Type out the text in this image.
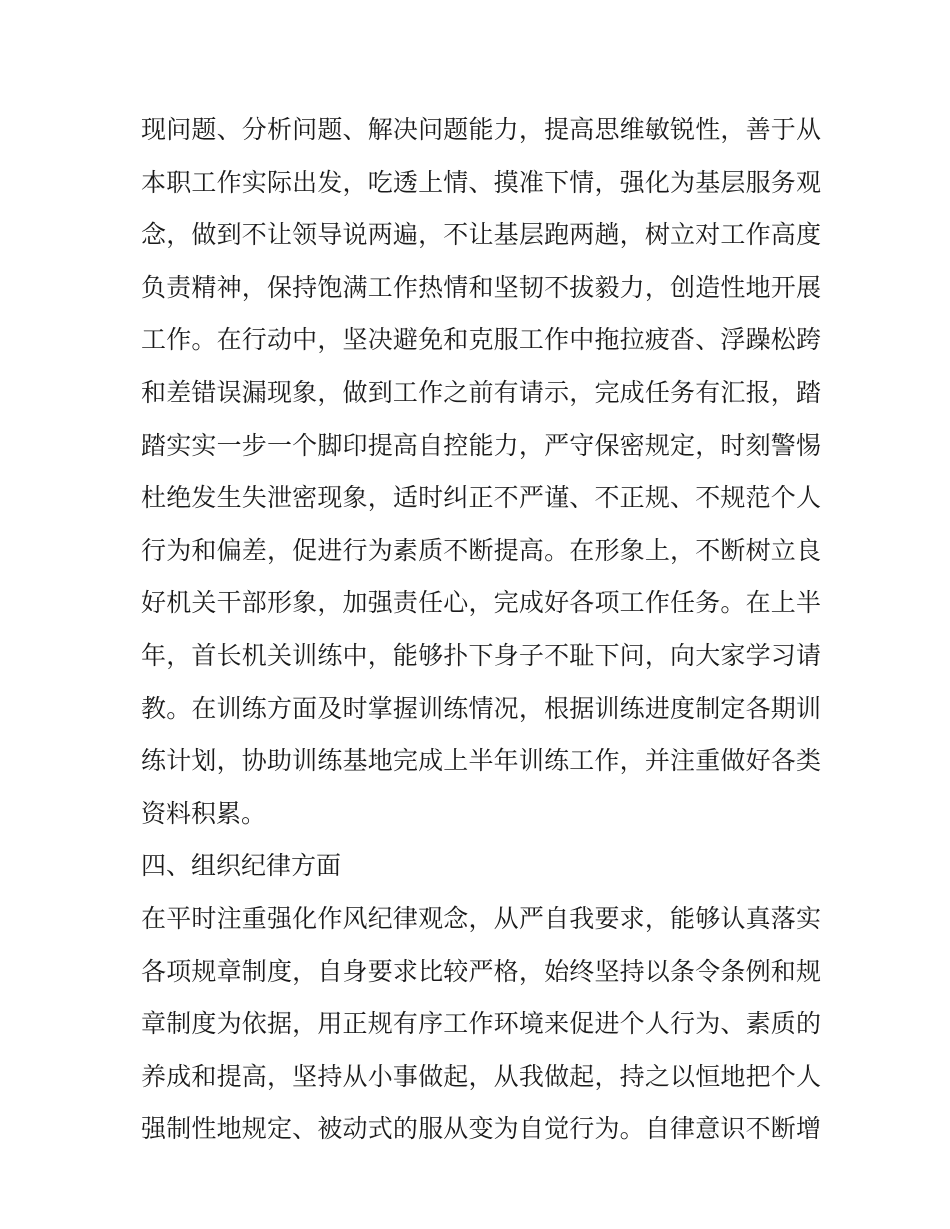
现问题、分析问题、解决问题能力，提高思维敏锐性，善于从
本职工作实际出发，吃透上情、摸准下情，强化为基层服务观
念，做到不让领导说两遍，不让基层跑两趟，树立对工作高度
负责精神，保持饱满工作热情和坚韧不拔毅力，创造性地开展
工作。在行动中，坚决避免和克服工作中拖拉疲沓、浮躁松跨
和差错误漏现象，做到工作之前有请示，完成任务有汇报，踏
踏实实一步一个脚印提高自控能力，严守保密规定，时刻警惕
杜绝发生失泄密现象，适时纠正不严谨、不正规、不规范个人
行为和偏差，促进行为素质不断提高。在形象上，不断树立良
好机关干部形象，加强责任心，完成好各项工作任务。在上半
年，首长机关训练中，能够扑下身子不耻下问，向大家学习请
教。在训练方面及时掌握训练情况，根据训练进度制定各期训
练计划，协助训练基地完成上半年训练工作，并注重做好各类
资料积累。
四、组织纪律方面
在平时注重强化作风纪律观念，从严自我要求，能够认真落实
各项规章制度，自身要求比较严格，始终坚持以条令条例和规
章制度为依据，用正规有序工作环境来促进个人行为、素质的
养成和提高，坚持从小事做起，从我做起，持之以恒地把个人
强制性地规定、被动式的服从变为自觉行为。自律意识不断增
